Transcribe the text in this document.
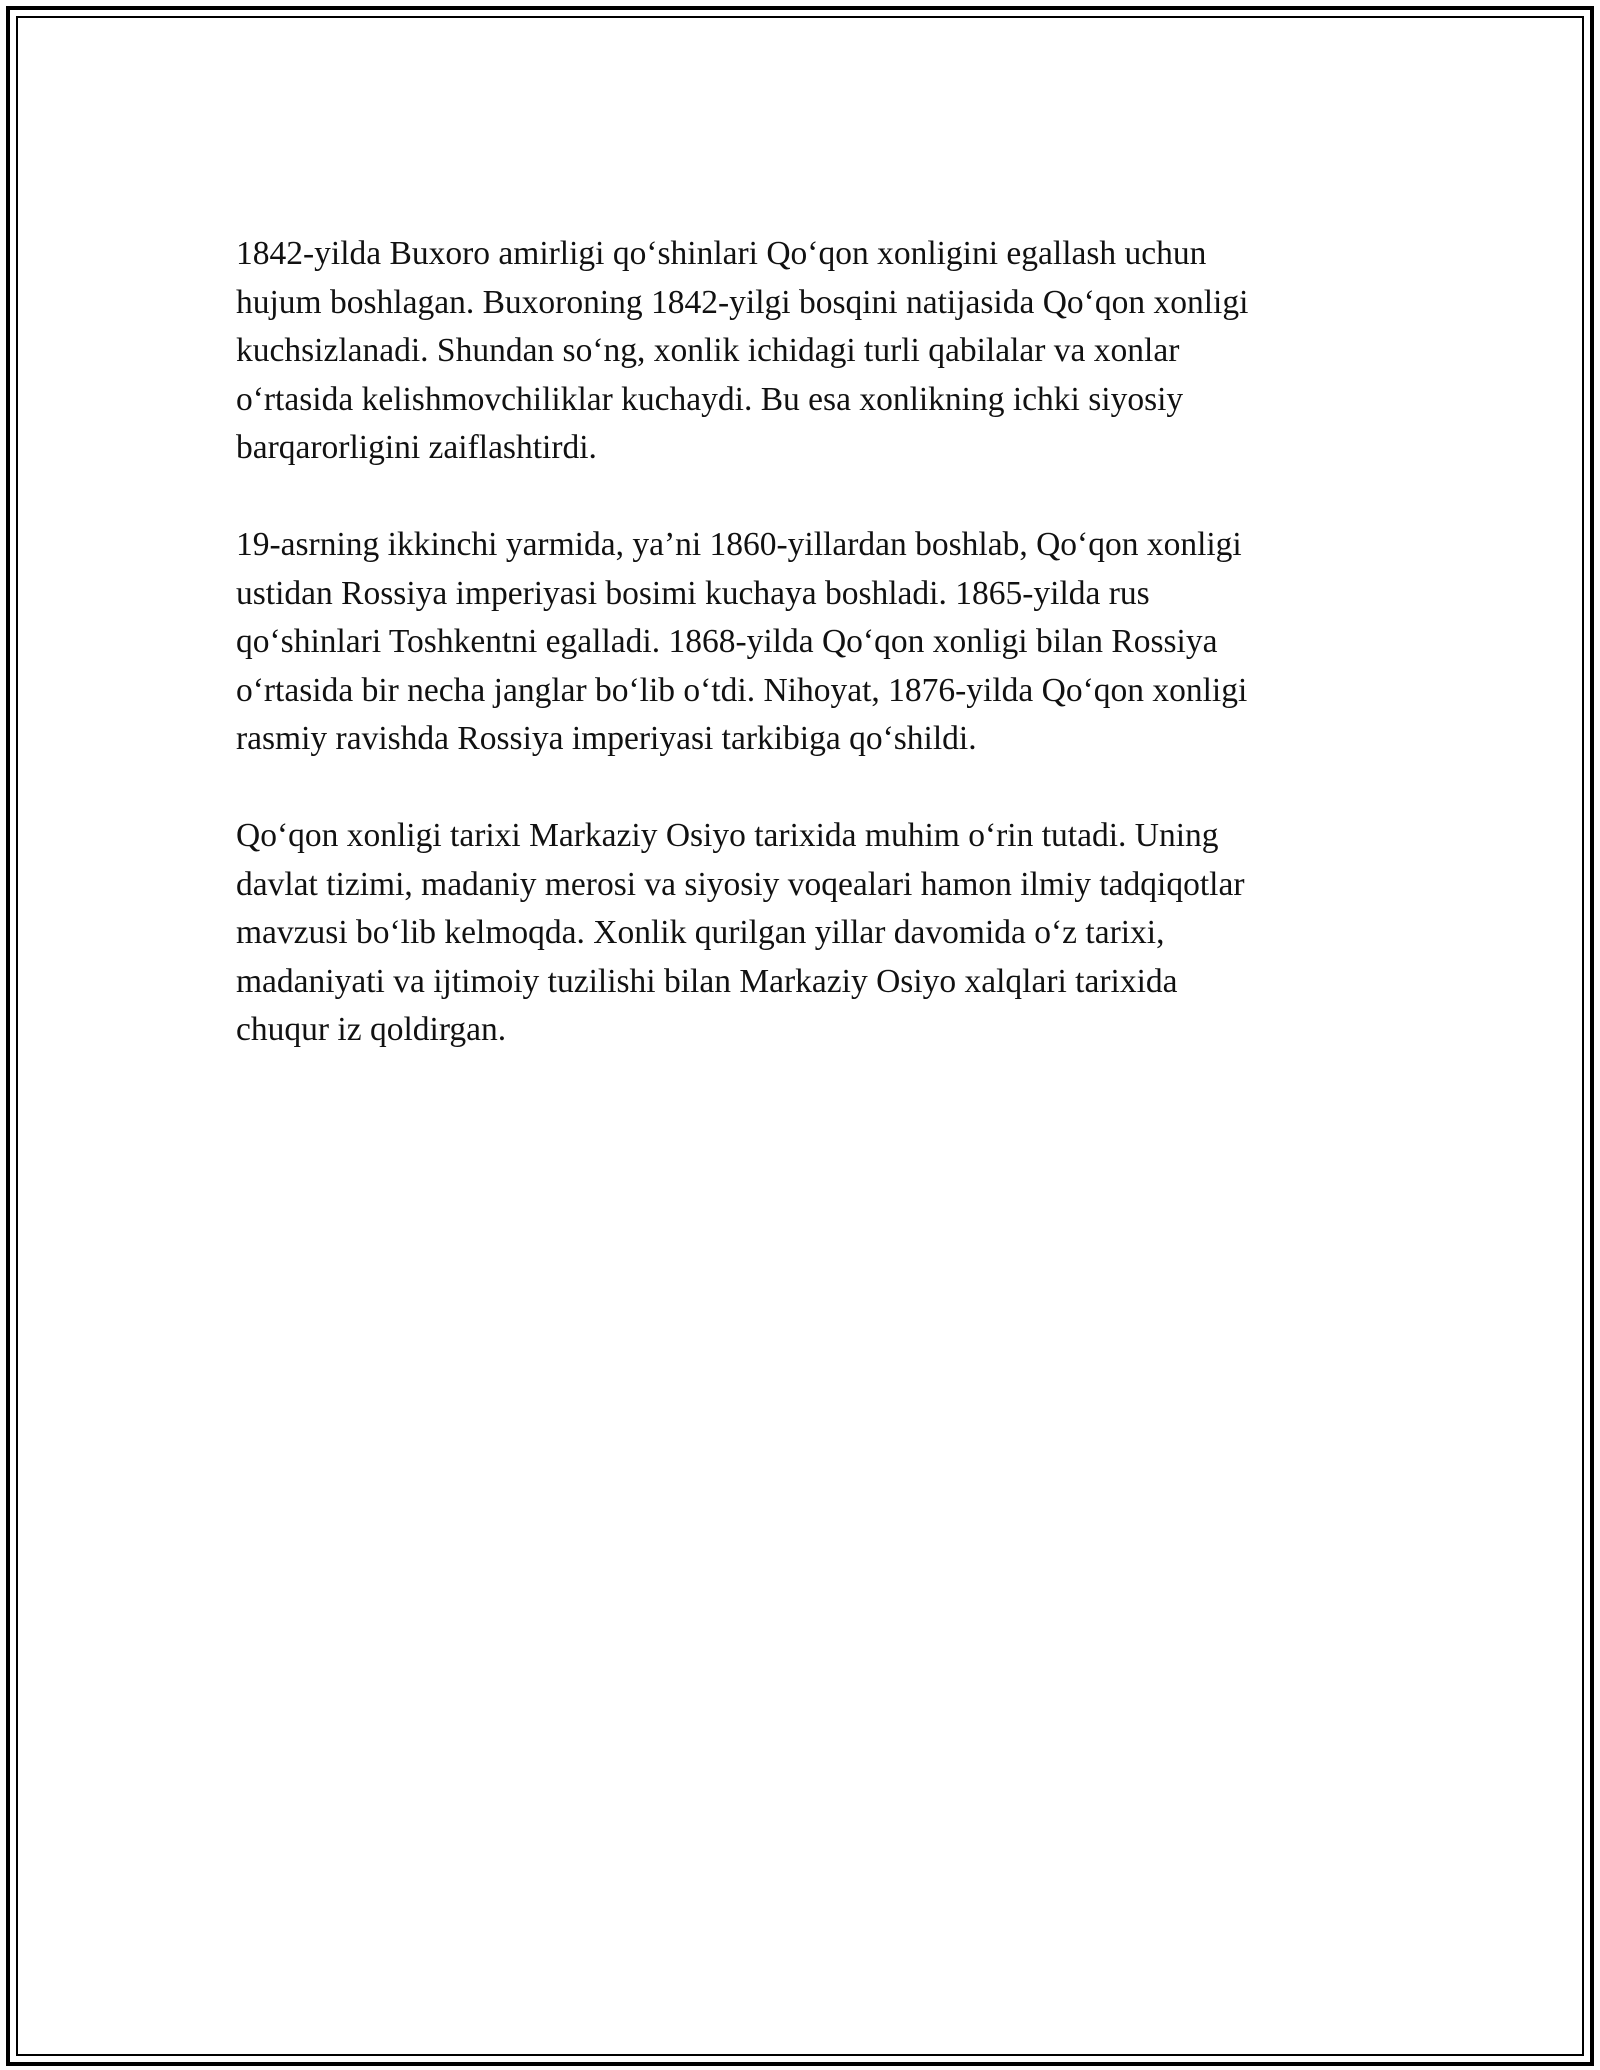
1842-yilda Buxoro amirligi qo‘shinlari Qo‘qon xonligini egallash uchun
hujum boshlagan. Buxoroning 1842-yilgi bosqini natijasida Qo‘qon xonligi
kuchsizlanadi. Shundan so‘ng, xonlik ichidagi turli qabilalar va xonlar
o‘rtasida kelishmovchiliklar kuchaydi. Bu esa xonlikning ichki siyosiy
barqarorligini zaiflashtirdi.

19-asrning ikkinchi yarmida, ya’ni 1860-yillardan boshlab, Qo‘qon xonligi
ustidan Rossiya imperiyasi bosimi kuchaya boshladi. 1865-yilda rus
qo‘shinlari Toshkentni egalladi. 1868-yilda Qo‘qon xonligi bilan Rossiya
o‘rtasida bir necha janglar bo‘lib o‘tdi. Nihoyat, 1876-yilda Qo‘qon xonligi
rasmiy ravishda Rossiya imperiyasi tarkibiga qo‘shildi.

Qo‘qon xonligi tarixi Markaziy Osiyo tarixida muhim o‘rin tutadi. Uning
davlat tizimi, madaniy merosi va siyosiy voqealari hamon ilmiy tadqiqotlar
mavzusi bo‘lib kelmoqda. Xonlik qurilgan yillar davomida o‘z tarixi,
madaniyati va ijtimoiy tuzilishi bilan Markaziy Osiyo xalqlari tarixida
chuqur iz qoldirgan.
